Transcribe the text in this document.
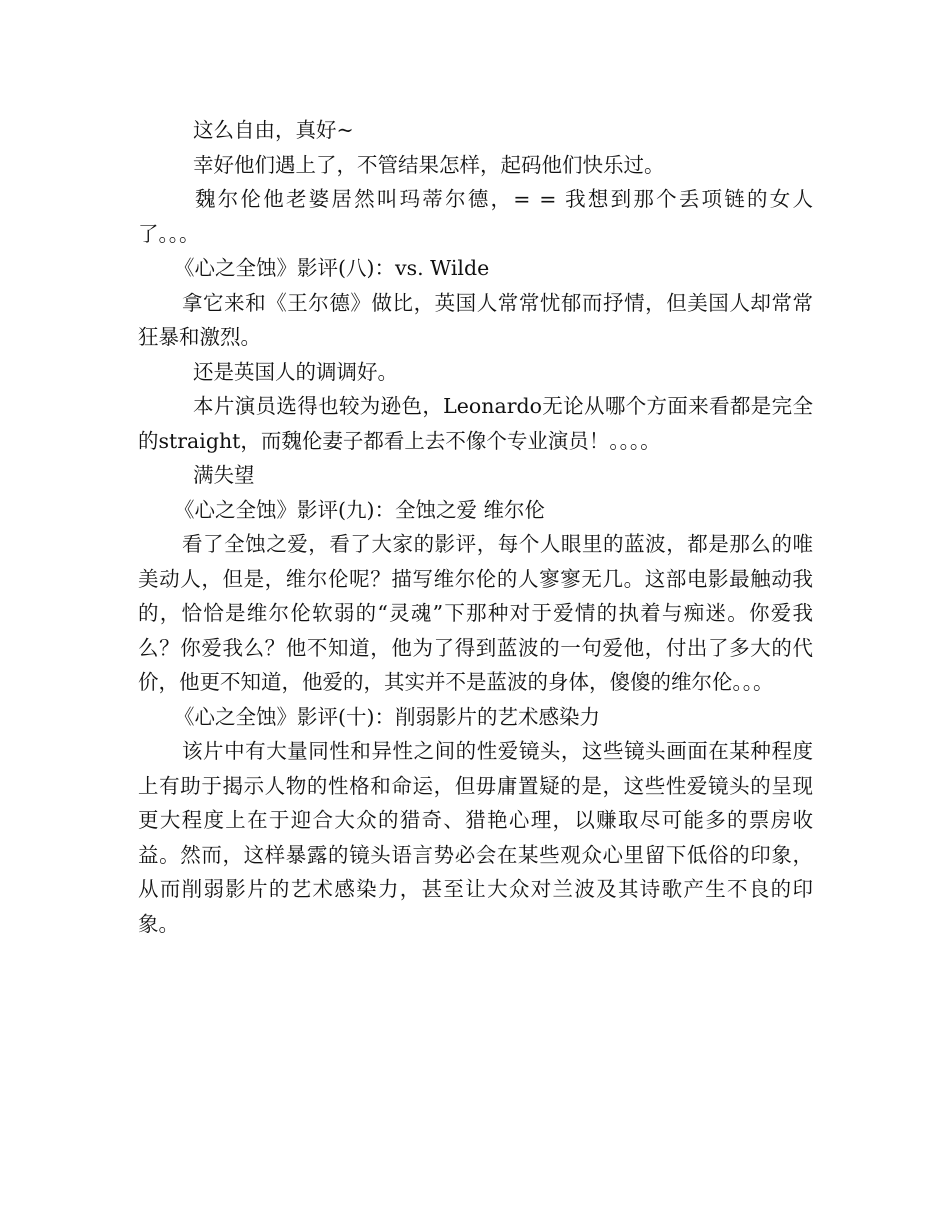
这么自由，真好~

幸好他们遇上了，不管结果怎样，起码他们快乐过。

魏尔伦他老婆居然叫玛蒂尔德，= = 我想到那个丢项链的女人了。。。

《心之全蚀》影评(八)：vs. Wilde

拿它来和《王尔德》做比，英国人常常忧郁而抒情，但美国人却常常狂暴和激烈。

还是英国人的调调好。

本片演员选得也较为逊色，Leonardo无论从哪个方面来看都是完全的straight，而魏伦妻子都看上去不像个专业演员！。。。。

满失望

《心之全蚀》影评(九)：全蚀之爱 维尔伦

看了全蚀之爱，看了大家的影评，每个人眼里的蓝波，都是那么的唯美动人，但是，维尔伦呢？描写维尔伦的人寥寥无几。这部电影最触动我的，恰恰是维尔伦软弱的“灵魂”下那种对于爱情的执着与痴迷。你爱我么？你爱我么？他不知道，他为了得到蓝波的一句爱他，付出了多大的代价，他更不知道，他爱的，其实并不是蓝波的身体，傻傻的维尔伦。。。

《心之全蚀》影评(十)：削弱影片的艺术感染力

该片中有大量同性和异性之间的性爱镜头，这些镜头画面在某种程度上有助于揭示人物的性格和命运，但毋庸置疑的是，这些性爱镜头的呈现更大程度上在于迎合大众的猎奇、猎艳心理，以赚取尽可能多的票房收益。然而，这样暴露的镜头语言势必会在某些观众心里留下低俗的印象，从而削弱影片的艺术感染力，甚至让大众对兰波及其诗歌产生不良的印象。
